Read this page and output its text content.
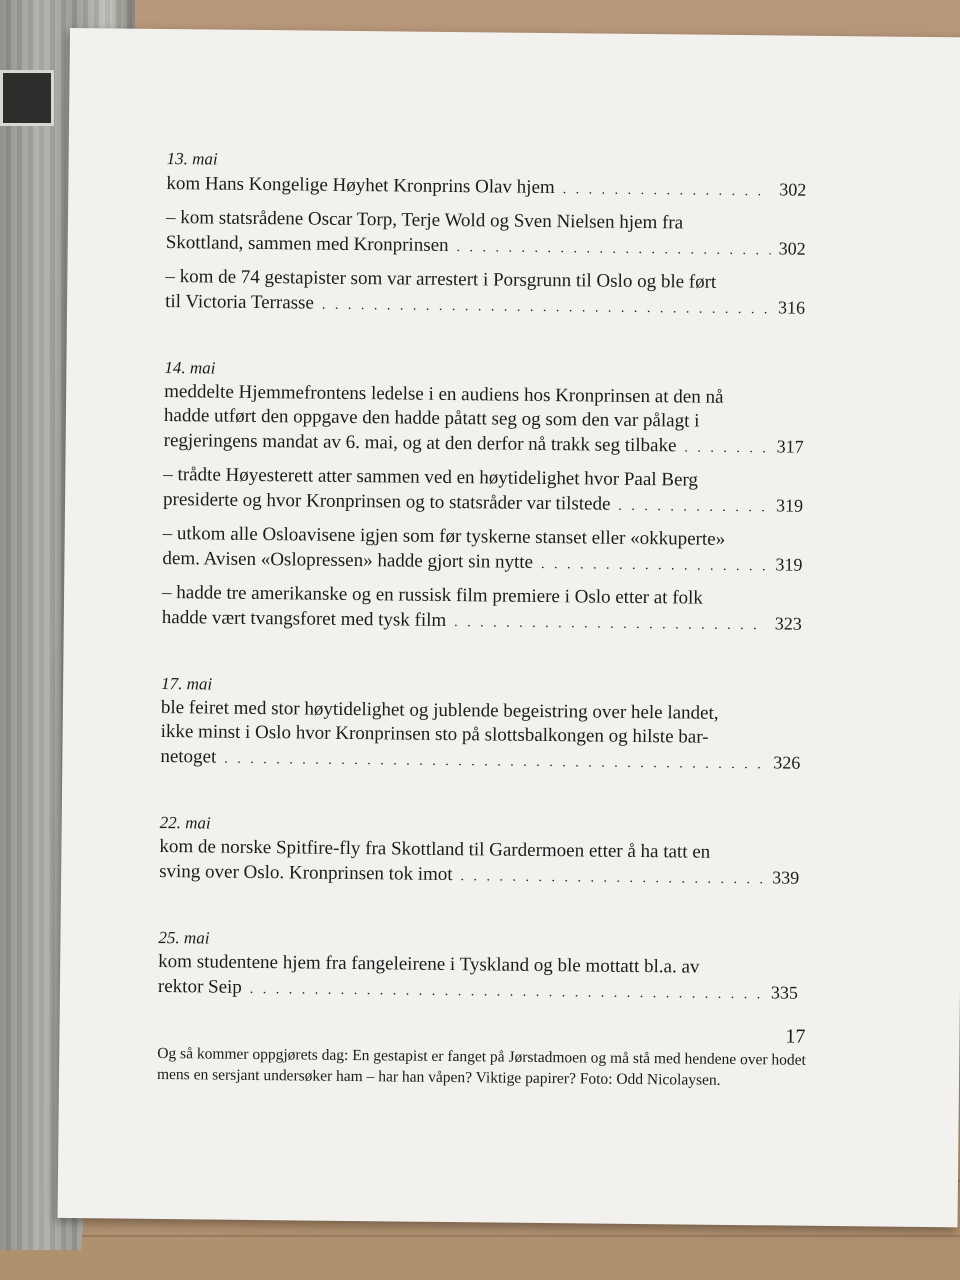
13. mai
kom Hans Kongelige Høyhet Kronprins Olav hjem . . .	302
– kom statsrådene Oscar Torp, Terje Wold og Sven Nielsen hjem fra
Skottland, sammen med Kronprinsen . . .	302
– kom de 74 gestapister som var arrestert i Porsgrunn til Oslo og ble ført
til Victoria Terrasse . . .	316
14. mai
meddelte Hjemmefrontens ledelse i en audiens hos Kronprinsen at den nå
hadde utført den oppgave den hadde påtatt seg og som den var pålagt i
regjeringens mandat av 6. mai, og at den derfor nå trakk seg tilbake . . .	317
– trådte Høyesterett atter sammen ved en høytidelighet hvor Paal Berg
presiderte og hvor Kronprinsen og to statsråder var tilstede . . .	319
– utkom alle Osloavisene igjen som før tyskerne stanset eller «okkuperte»
dem. Avisen «Oslopressen» hadde gjort sin nytte . . .	319
– hadde tre amerikanske og en russisk film premiere i Oslo etter at folk
hadde vært tvangsforet med tysk film . . .	323
17. mai
ble feiret med stor høytidelighet og jublende begeistring over hele landet,
ikke minst i Oslo hvor Kronprinsen sto på slottsbalkongen og hilste bar-
netoget . . .	326
22. mai
kom de norske Spitfire-fly fra Skottland til Gardermoen etter å ha tatt en
sving over Oslo. Kronprinsen tok imot . . .	339
25. mai
kom studentene hjem fra fangeleirene i Tyskland og ble mottatt bl.a. av
rektor Seip . . .	335
Og så kommer oppgjørets dag: En gestapist er fanget på Jørstadmoen og må stå med hendene over hodet mens en sersjant undersøker ham – har han våpen? Viktige papirer? Foto: Odd Nicolaysen.
17
